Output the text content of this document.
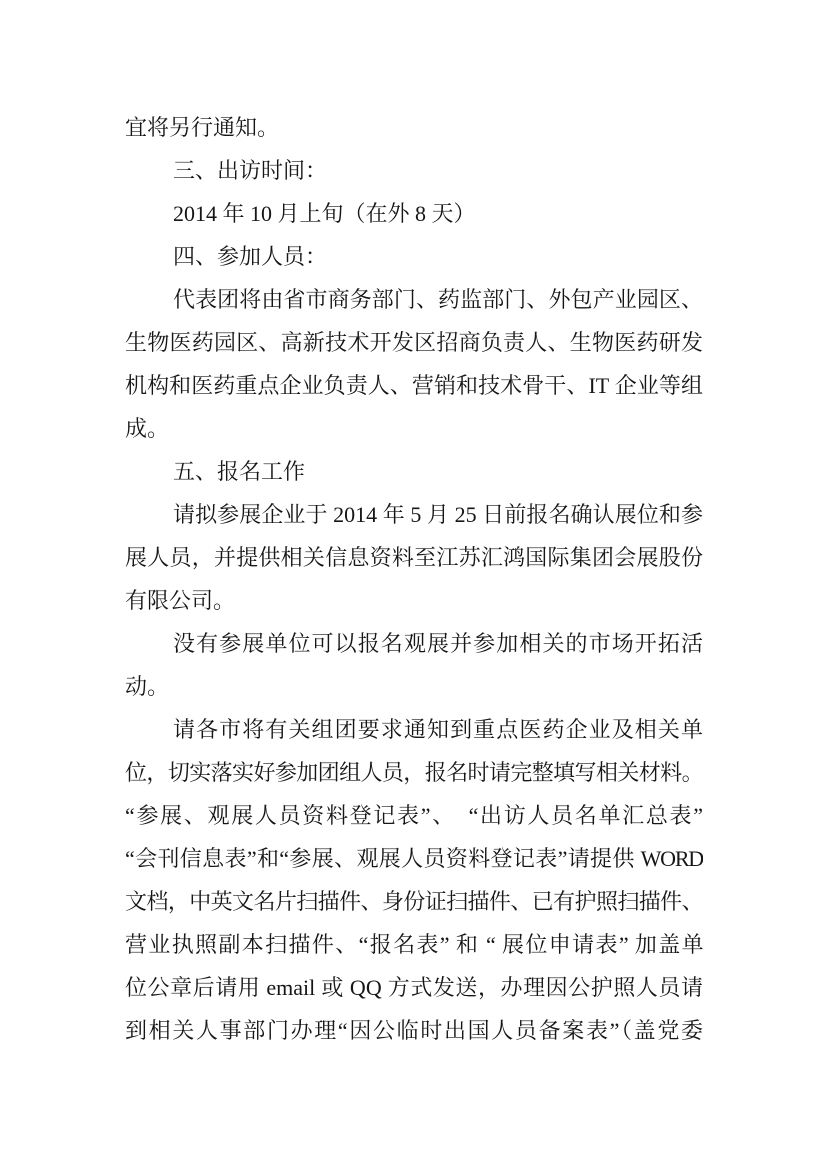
宜将另行通知。
三、出访时间：
2014 年 10 月上旬（在外 8 天）
四、参加人员：
代表团将由省市商务部门、药监部门、外包产业园区、
生物医药园区、高新技术开发区招商负责人、生物医药研发
机构和医药重点企业负责人、营销和技术骨干、IT 企业等组
成。
五、报名工作
请拟参展企业于 2014 年 5 月 25 日前报名确认展位和参
展人员，并提供相关信息资料至江苏汇鸿国际集团会展股份
有限公司。
没有参展单位可以报名观展并参加相关的市场开拓活
动。
请各市将有关组团要求通知到重点医药企业及相关单
位，切实落实好参加团组人员，报名时请完整填写相关材料。
“参展、观展人员资料登记表”、　“出访人员名单汇总表”
“会刊信息表”和“参展、观展人员资料登记表”请提供 WORD
文档，中英文名片扫描件、身份证扫描件、已有护照扫描件、
营业执照副本扫描件、“报名表” 和 “ 展位申请表” 加盖单
位公章后请用 email 或 QQ 方式发送，办理因公护照人员请
到相关人事部门办理“因公临时出国人员备案表”（盖党委
